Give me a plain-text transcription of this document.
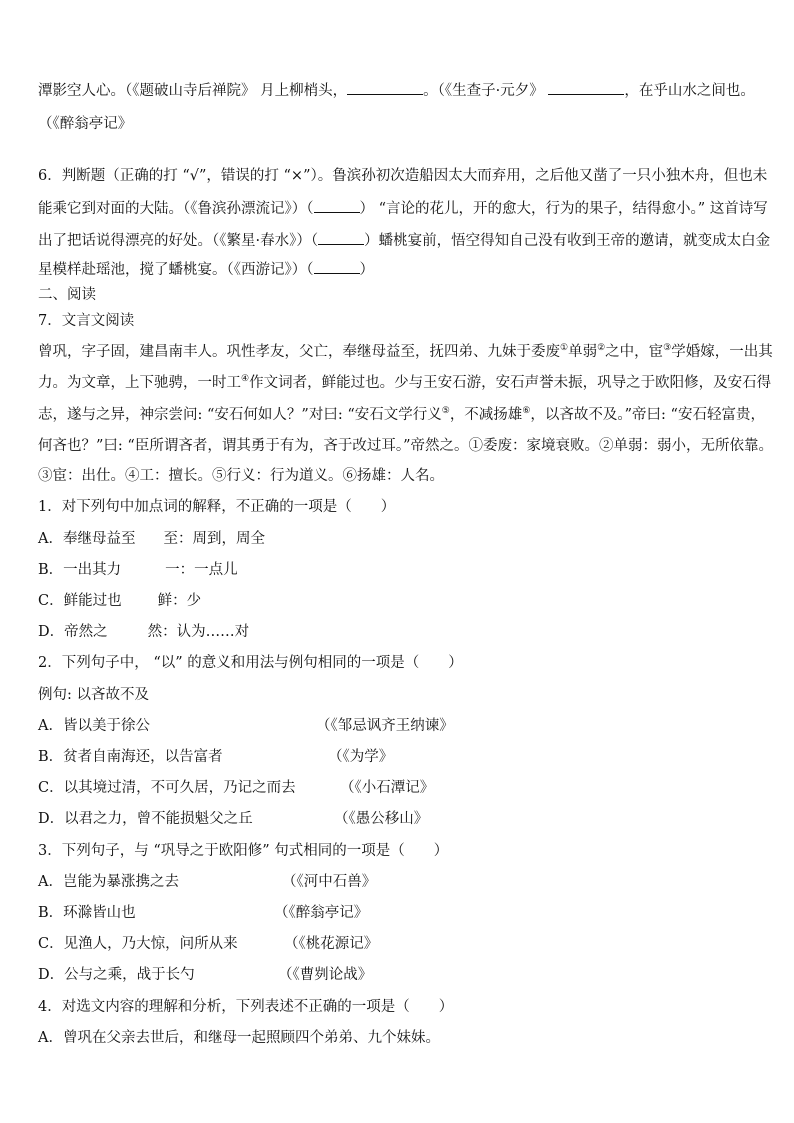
潭影空人心。（《题破山寺后禅院》 月上柳梢头，	。（《生查子·元夕》	，在乎山水之间也。
（《醉翁亭记》
6．判断题（正确的打 “√”，错误的打 “×”）。鲁滨孙初次造船因太大而弃用，之后他又凿了一只小独木舟，但也未
能乘它到对面的大陆。（《鲁滨孙漂流记》）（	） “言论的花儿，开的愈大，行为的果子，结得愈小。” 这首诗写
出了把话说得漂亮的好处。（《繁星·春水》）（	）蟠桃宴前，悟空得知自己没有收到王帝的邀请，就变成太白金
星模样赴瑶池，搅了蟠桃宴。（《西游记》）（	）
二、阅读
7．文言文阅读
曾巩，字子固，建昌南丰人。巩性孝友，父亡，奉继母益至，抚四弟、九妹于委废①单弱②之中，宦③学婚嫁，一出其
力。为文章，上下驰骋，一时工④作文词者，鲜能过也。少与王安石游，安石声誉未振，巩导之于欧阳修，及安石得
志，遂与之异，神宗尝问: “安石何如人？”对曰: “安石文学行义⑤，不减扬雄⑥，以吝故不及。”帝曰: “安石轻富贵，
何吝也？”曰: “臣所谓吝者，谓其勇于有为，吝于改过耳。”帝然之。①委废：家境衰败。②单弱：弱小，无所依靠。
③宦：出仕。④工：擅长。⑤行义：行为道义。⑥扬雄：人名。
1．对下列句中加点词的解释，不正确的一项是（　　）
A．奉继母益至 至：周到，周全
B．一出其力	一：一点儿
C．鲜能过也 鲜：少
D．帝然之	然：认为……对
2．下列句子中， “以” 的意义和用法与例句相同的一项是（　　）
例句: 以吝故不及
A．皆以美于徐公	（《邹忌讽齐王纳谏》
B．贫者自南海还，以告富者	（《为学》
C．以其境过清，不可久居，乃记之而去	（《小石潭记》
D．以君之力，曾不能损魁父之丘	（《愚公移山》
3．下列句子，与 “巩导之于欧阳修” 句式相同的一项是（　　）
A．岂能为暴涨携之去	（《河中石兽》
B．环滁皆山也	（《醉翁亭记》
C．见渔人，乃大惊，问所从来	（《桃花源记》
D．公与之乘，战于长勺	（《曹刿论战》
4．对选文内容的理解和分析，下列表述不正确的一项是（　　）
A．曾巩在父亲去世后，和继母一起照顾四个弟弟、九个妹妹。
